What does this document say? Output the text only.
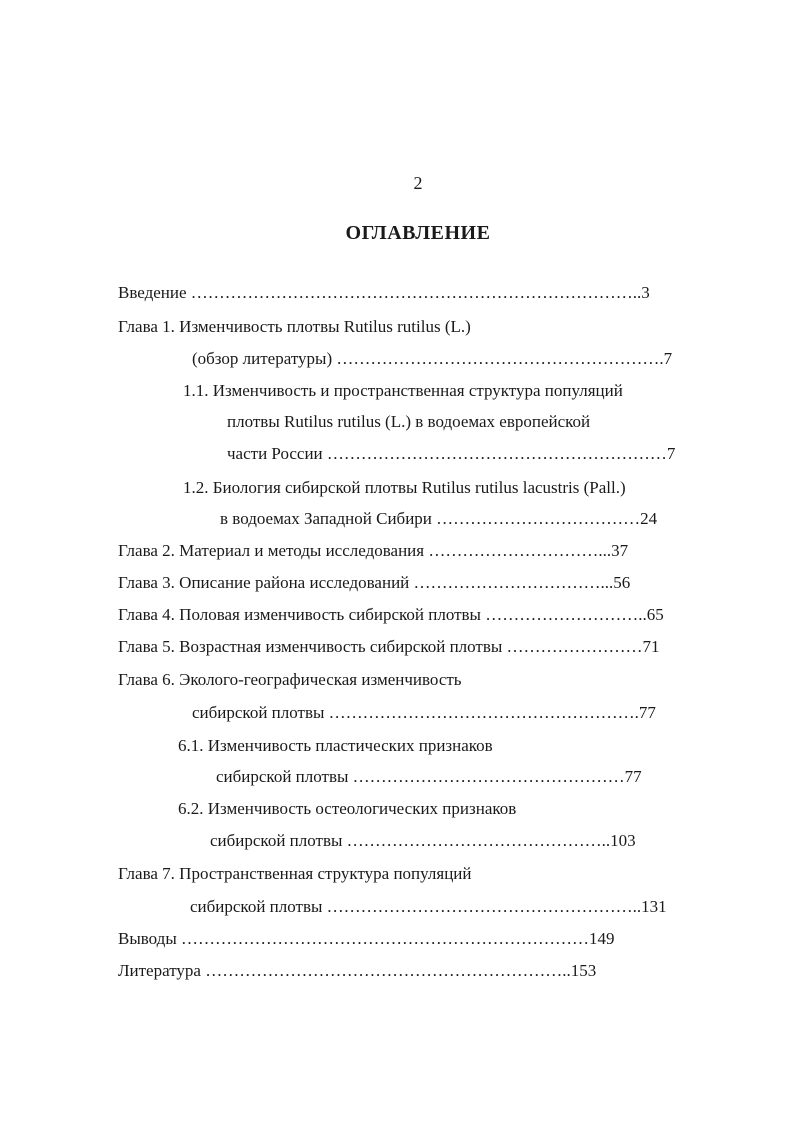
2
ОГЛАВЛЕНИЕ
Введение ……………………………………………………………………..3
Глава 1. Изменчивость плотвы Rutilus rutilus (L.)
(обзор литературы) ………………………………………………….7
1.1. Изменчивость и пространственная структура популяций
плотвы Rutilus rutilus (L.) в водоемах европейской
части России ……………………………………………………7
1.2. Биология сибирской плотвы Rutilus rutilus lacustris (Pall.)
в водоемах Западной Сибири ………………………………24
Глава 2. Материал и методы исследования …………………………...37
Глава 3. Описание района исследований ……………………………...56
Глава 4. Половая изменчивость сибирской плотвы ………………………..65
Глава 5. Возрастная изменчивость сибирской плотвы ……………………71
Глава 6. Эколого-географическая изменчивость
сибирской плотвы ……………………………………………….77
6.1. Изменчивость пластических признаков
сибирской плотвы …………………………………………77
6.2. Изменчивость остеологических признаков
сибирской плотвы ………………………………………..103
Глава 7. Пространственная структура популяций
сибирской плотвы ………………………………………………..131
Выводы ………………………………………………………………149
Литература ………………………………………………………..153
